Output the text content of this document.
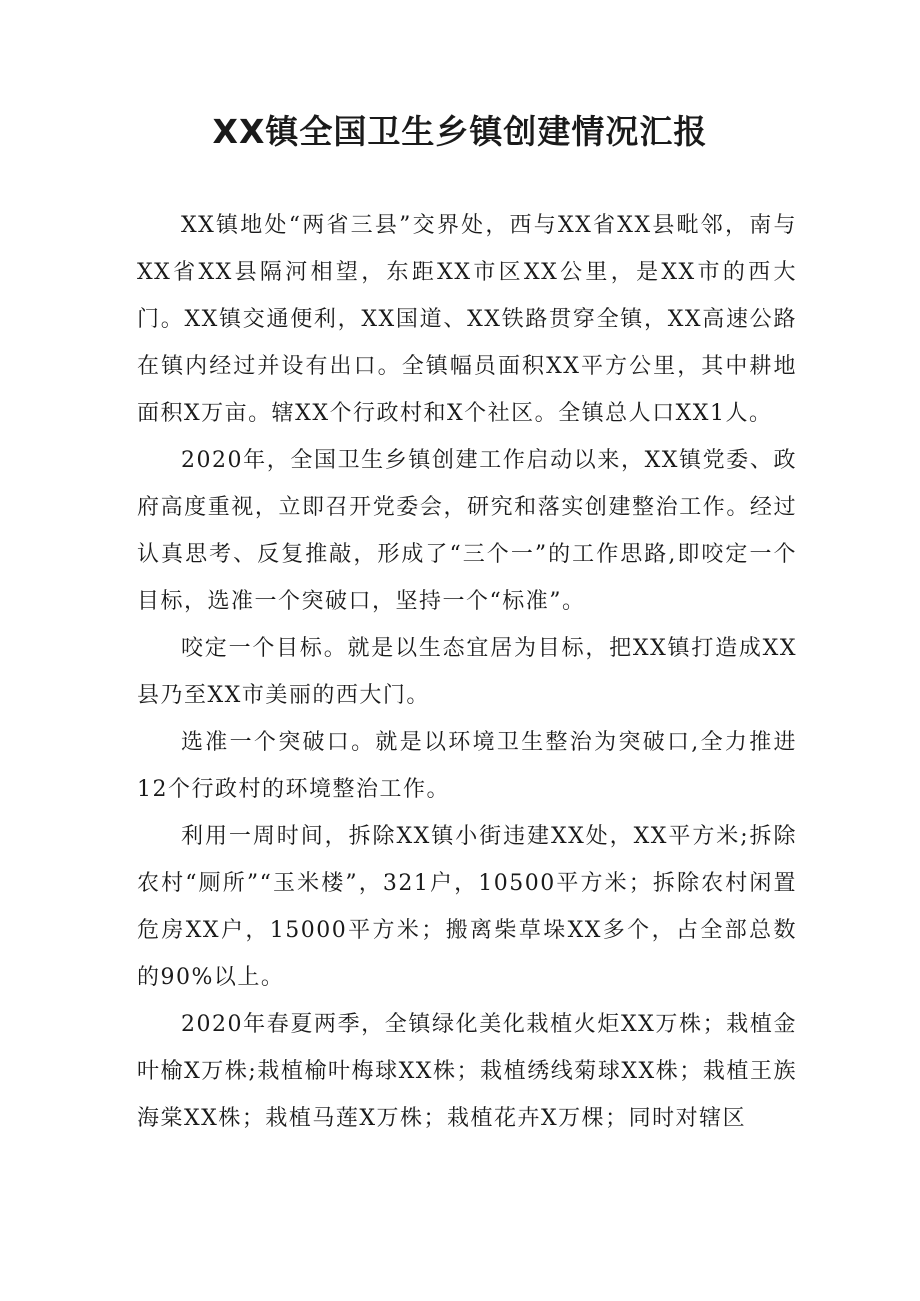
XX镇全国卫生乡镇创建情况汇报

XX镇地处“两省三县”交界处，西与XX省XX县毗邻，南与XX省XX县隔河相望，东距XX市区XX公里，是XX市的西大门。XX镇交通便利，XX国道、XX铁路贯穿全镇，XX高速公路在镇内经过并设有出口。全镇幅员面积XX平方公里，其中耕地面积X万亩。辖XX个行政村和X个社区。全镇总人口XX1人。

2020年，全国卫生乡镇创建工作启动以来，XX镇党委、政府高度重视，立即召开党委会，研究和落实创建整治工作。经过认真思考、反复推敲，形成了“三个一”的工作思路,即咬定一个目标，选准一个突破口，坚持一个“标准”。

咬定一个目标。就是以生态宜居为目标，把XX镇打造成XX县乃至XX市美丽的西大门。

选准一个突破口。就是以环境卫生整治为突破口,全力推进12个行政村的环境整治工作。

利用一周时间，拆除XX镇小街违建XX处，XX平方米;拆除农村“厕所”“玉米楼”，321户，10500平方米；拆除农村闲置危房XX户，15000平方米；搬离柴草垛XX多个，占全部总数的90%以上。

2020年春夏两季，全镇绿化美化栽植火炬XX万株；栽植金叶榆X万株;栽植榆叶梅球XX株；栽植绣线菊球XX株；栽植王族海棠XX株；栽植马莲X万株；栽植花卉X万棵；同时对辖区
